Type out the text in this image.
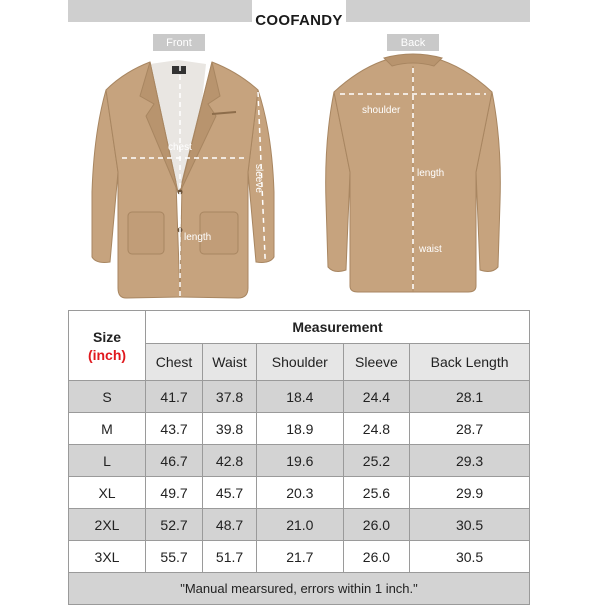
COOFANDY
Front	Back
chest
sleeve
length
shoulder
length
waist
Size
(inch)	Measurement				
	Chest	Waist	Shoulder	Sleeve	Back Length
S	41.7	37.8	18.4	24.4	28.1
M	43.7	39.8	18.9	24.8	28.7
L	46.7	42.8	19.6	25.2	29.3
XL	49.7	45.7	20.3	25.6	29.9
2XL	52.7	48.7	21.0	26.0	30.5
3XL	55.7	51.7	21.7	26.0	30.5
"Manual mearsured, errors within 1 inch."					
